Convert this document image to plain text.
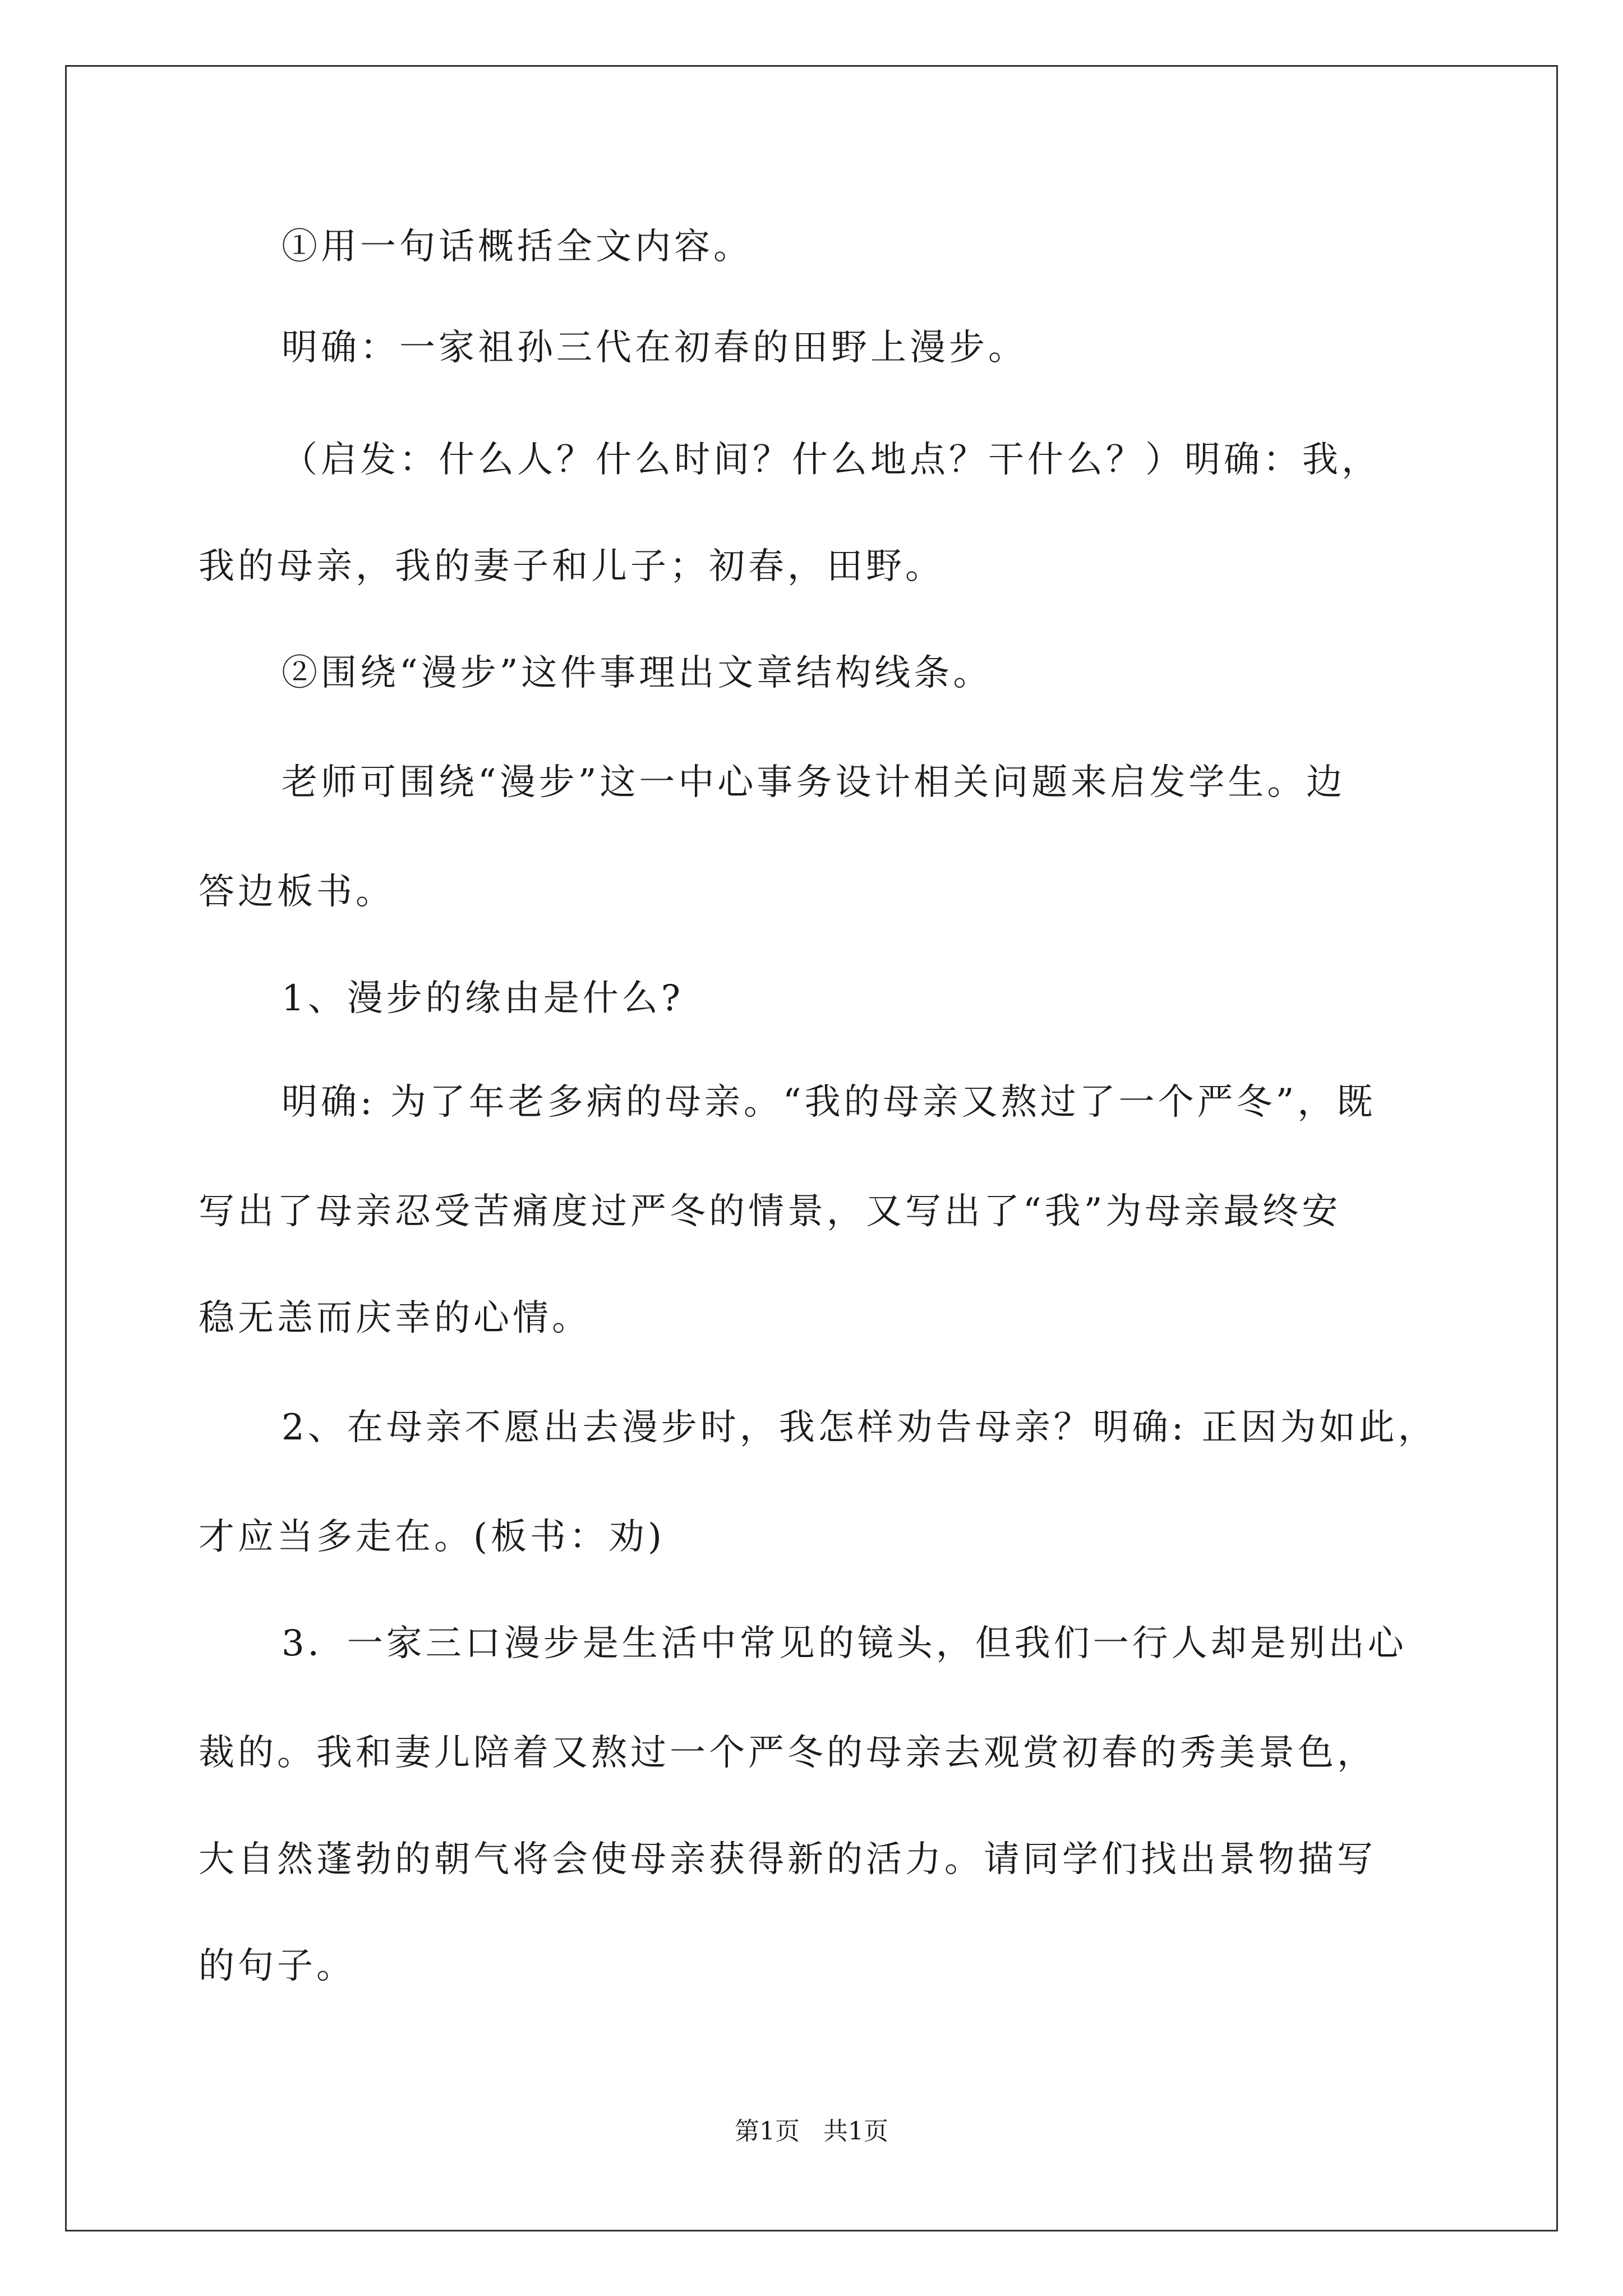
①用一句话概括全文内容。
明确：一家祖孙三代在初春的田野上漫步。
（启发：什么人？什么时间？什么地点？干什么？）明确：我，
我的母亲，我的妻子和儿子；初春，田野。
②围绕“漫步”这件事理出文章结构线条。
老师可围绕“漫步”这一中心事务设计相关问题来启发学生。边
答边板书。
1、漫步的缘由是什么?
明确: 为了年老多病的母亲。“我的母亲又熬过了一个严冬”，既
写出了母亲忍受苦痛度过严冬的情景，又写出了“我”为母亲最终安
稳无恙而庆幸的心情。
2、在母亲不愿出去漫步时，我怎样劝告母亲？明确: 正因为如此，
才应当多走在。(板书：劝)
3．一家三口漫步是生活中常见的镜头，但我们一行人却是别出心
裁的。我和妻儿陪着又熬过一个严冬的母亲去观赏初春的秀美景色，
大自然蓬勃的朝气将会使母亲获得新的活力。请同学们找出景物描写
的句子。
第1页   共1页
